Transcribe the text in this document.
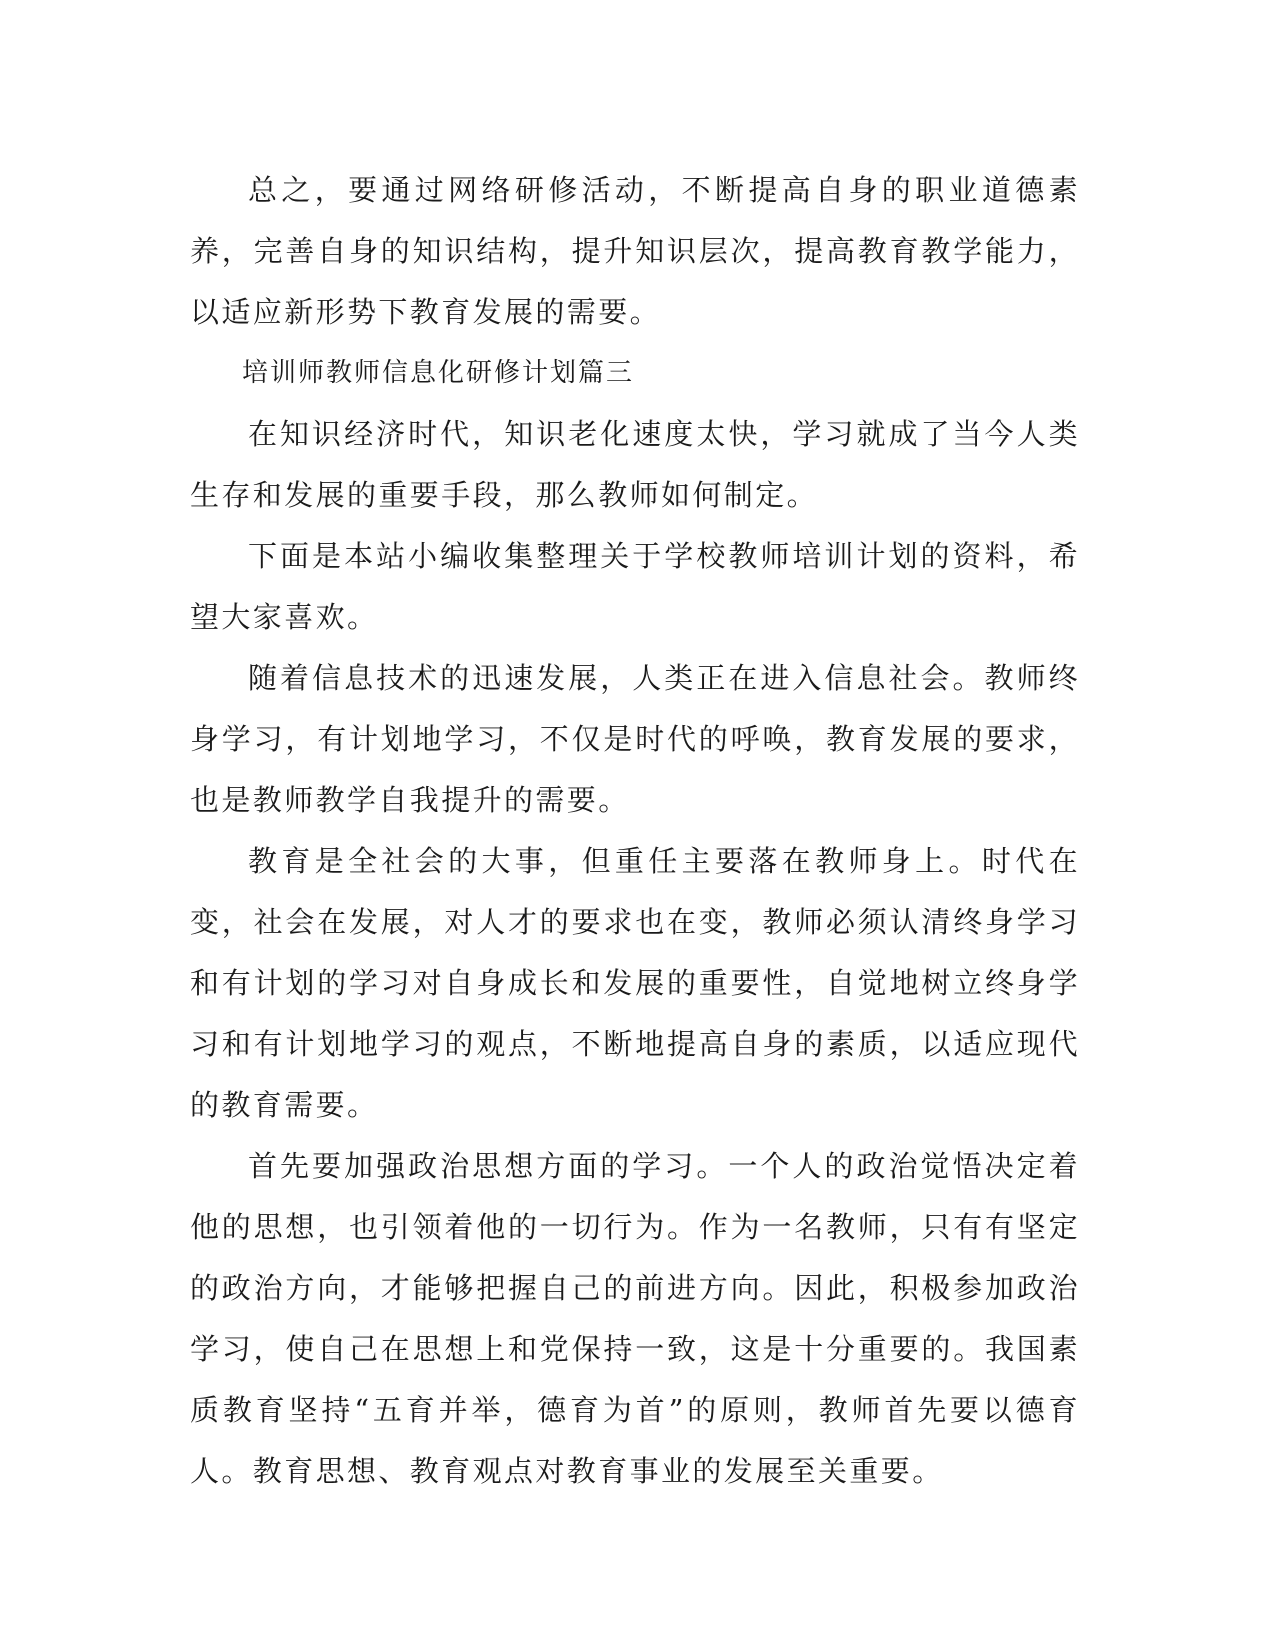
总之，要通过网络研修活动，不断提高自身的职业道德素养，完善自身的知识结构，提升知识层次，提高教育教学能力，以适应新形势下教育发展的需要。

培训师教师信息化研修计划篇三

在知识经济时代，知识老化速度太快，学习就成了当今人类生存和发展的重要手段，那么教师如何制定。

下面是本站小编收集整理关于学校教师培训计划的资料，希望大家喜欢。

随着信息技术的迅速发展，人类正在进入信息社会。教师终身学习，有计划地学习，不仅是时代的呼唤，教育发展的要求，也是教师教学自我提升的需要。

教育是全社会的大事，但重任主要落在教师身上。时代在变，社会在发展，对人才的要求也在变，教师必须认清终身学习和有计划的学习对自身成长和发展的重要性，自觉地树立终身学习和有计划地学习的观点，不断地提高自身的素质，以适应现代的教育需要。

首先要加强政治思想方面的学习。一个人的政治觉悟决定着他的思想，也引领着他的一切行为。作为一名教师，只有有坚定的政治方向，才能够把握自己的前进方向。因此，积极参加政治学习，使自己在思想上和党保持一致，这是十分重要的。我国素质教育坚持“五育并举，德育为首”的原则，教师首先要以德育人。教育思想、教育观点对教育事业的发展至关重要。
